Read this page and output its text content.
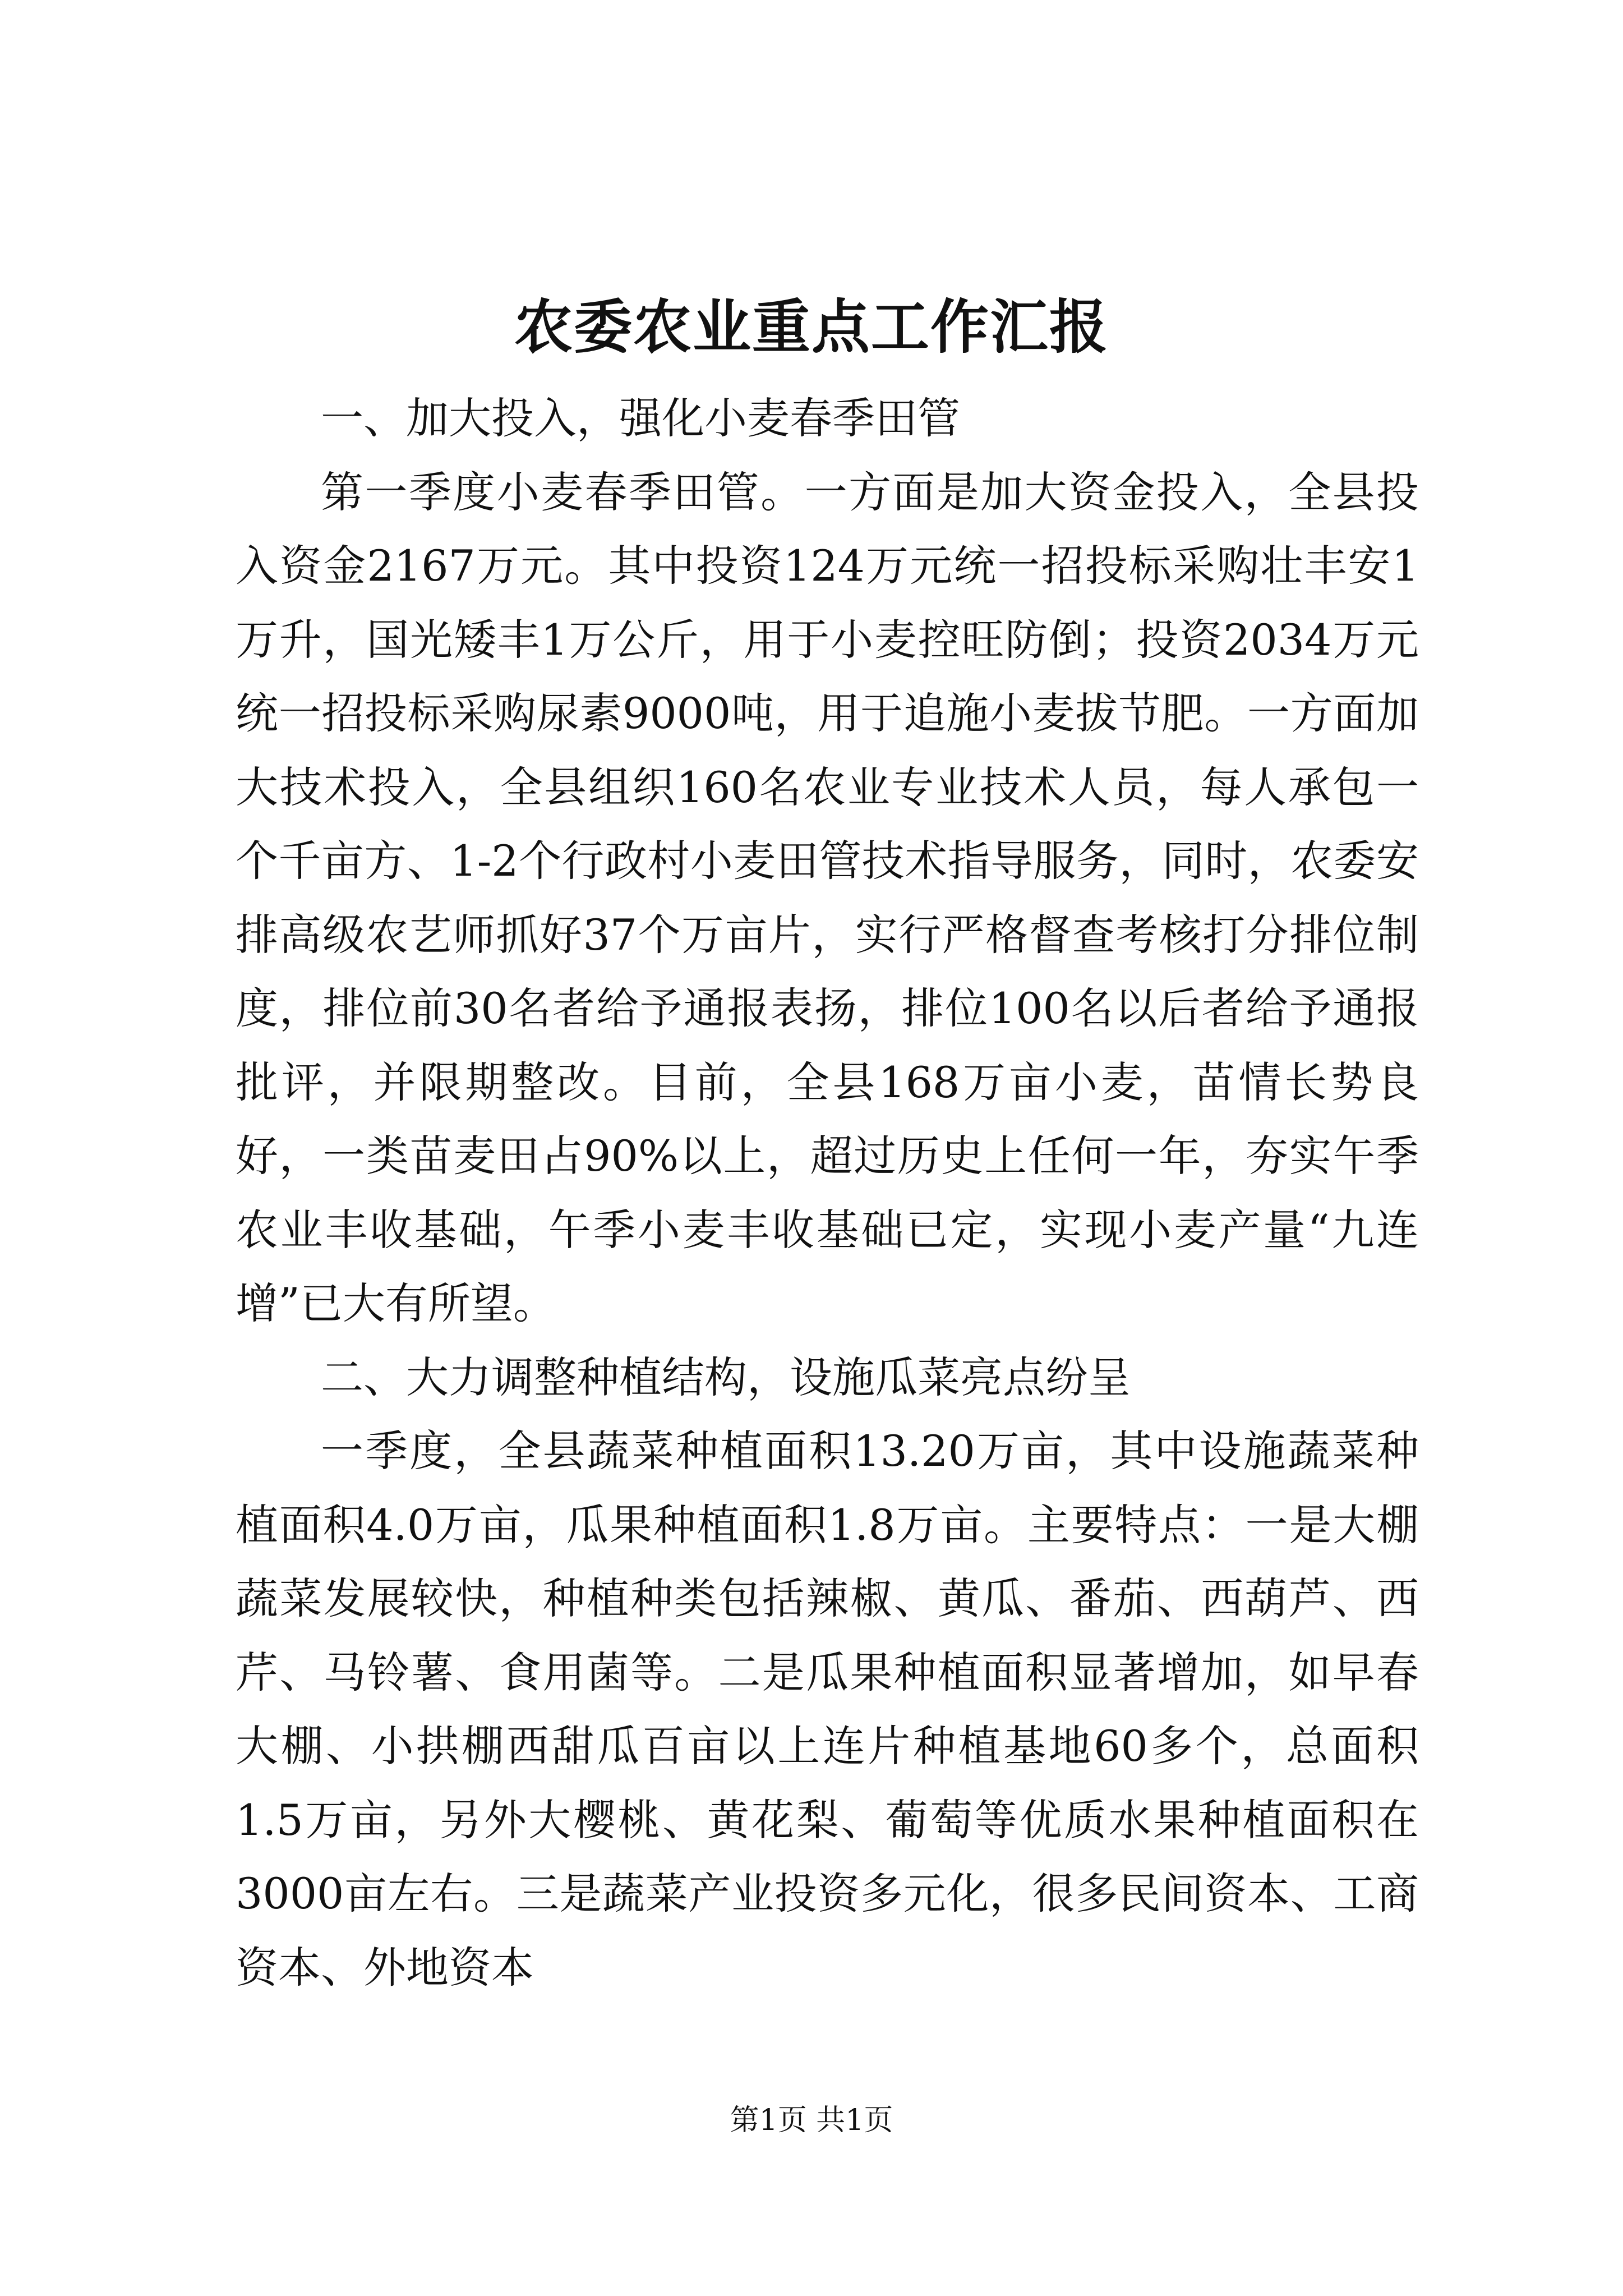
农委农业重点工作汇报

一、加大投入，强化小麦春季田管

第一季度小麦春季田管。一方面是加大资金投入，全县投入资金2167万元。其中投资124万元统一招投标采购壮丰安1万升，国光矮丰1万公斤，用于小麦控旺防倒；投资2034万元统一招投标采购尿素9000吨，用于追施小麦拔节肥。一方面加大技术投入，全县组织160名农业专业技术人员，每人承包一个千亩方、1-2个行政村小麦田管技术指导服务，同时，农委安排高级农艺师抓好37个万亩片，实行严格督查考核打分排位制度，排位前30名者给予通报表扬，排位100名以后者给予通报批评，并限期整改。目前，全县168万亩小麦，苗情长势良好，一类苗麦田占90%以上，超过历史上任何一年，夯实午季农业丰收基础，午季小麦丰收基础已定，实现小麦产量“九连增”已大有所望。

二、大力调整种植结构，设施瓜菜亮点纷呈

一季度，全县蔬菜种植面积13.20万亩，其中设施蔬菜种植面积4.0万亩，瓜果种植面积1.8万亩。主要特点：一是大棚蔬菜发展较快，种植种类包括辣椒、黄瓜、番茄、西葫芦、西芹、马铃薯、食用菌等。二是瓜果种植面积显著增加，如早春大棚、小拱棚西甜瓜百亩以上连片种植基地60多个，总面积1.5万亩，另外大樱桃、黄花梨、葡萄等优质水果种植面积在3000亩左右。三是蔬菜产业投资多元化，很多民间资本、工商资本、外地资本

第1页 共1页
